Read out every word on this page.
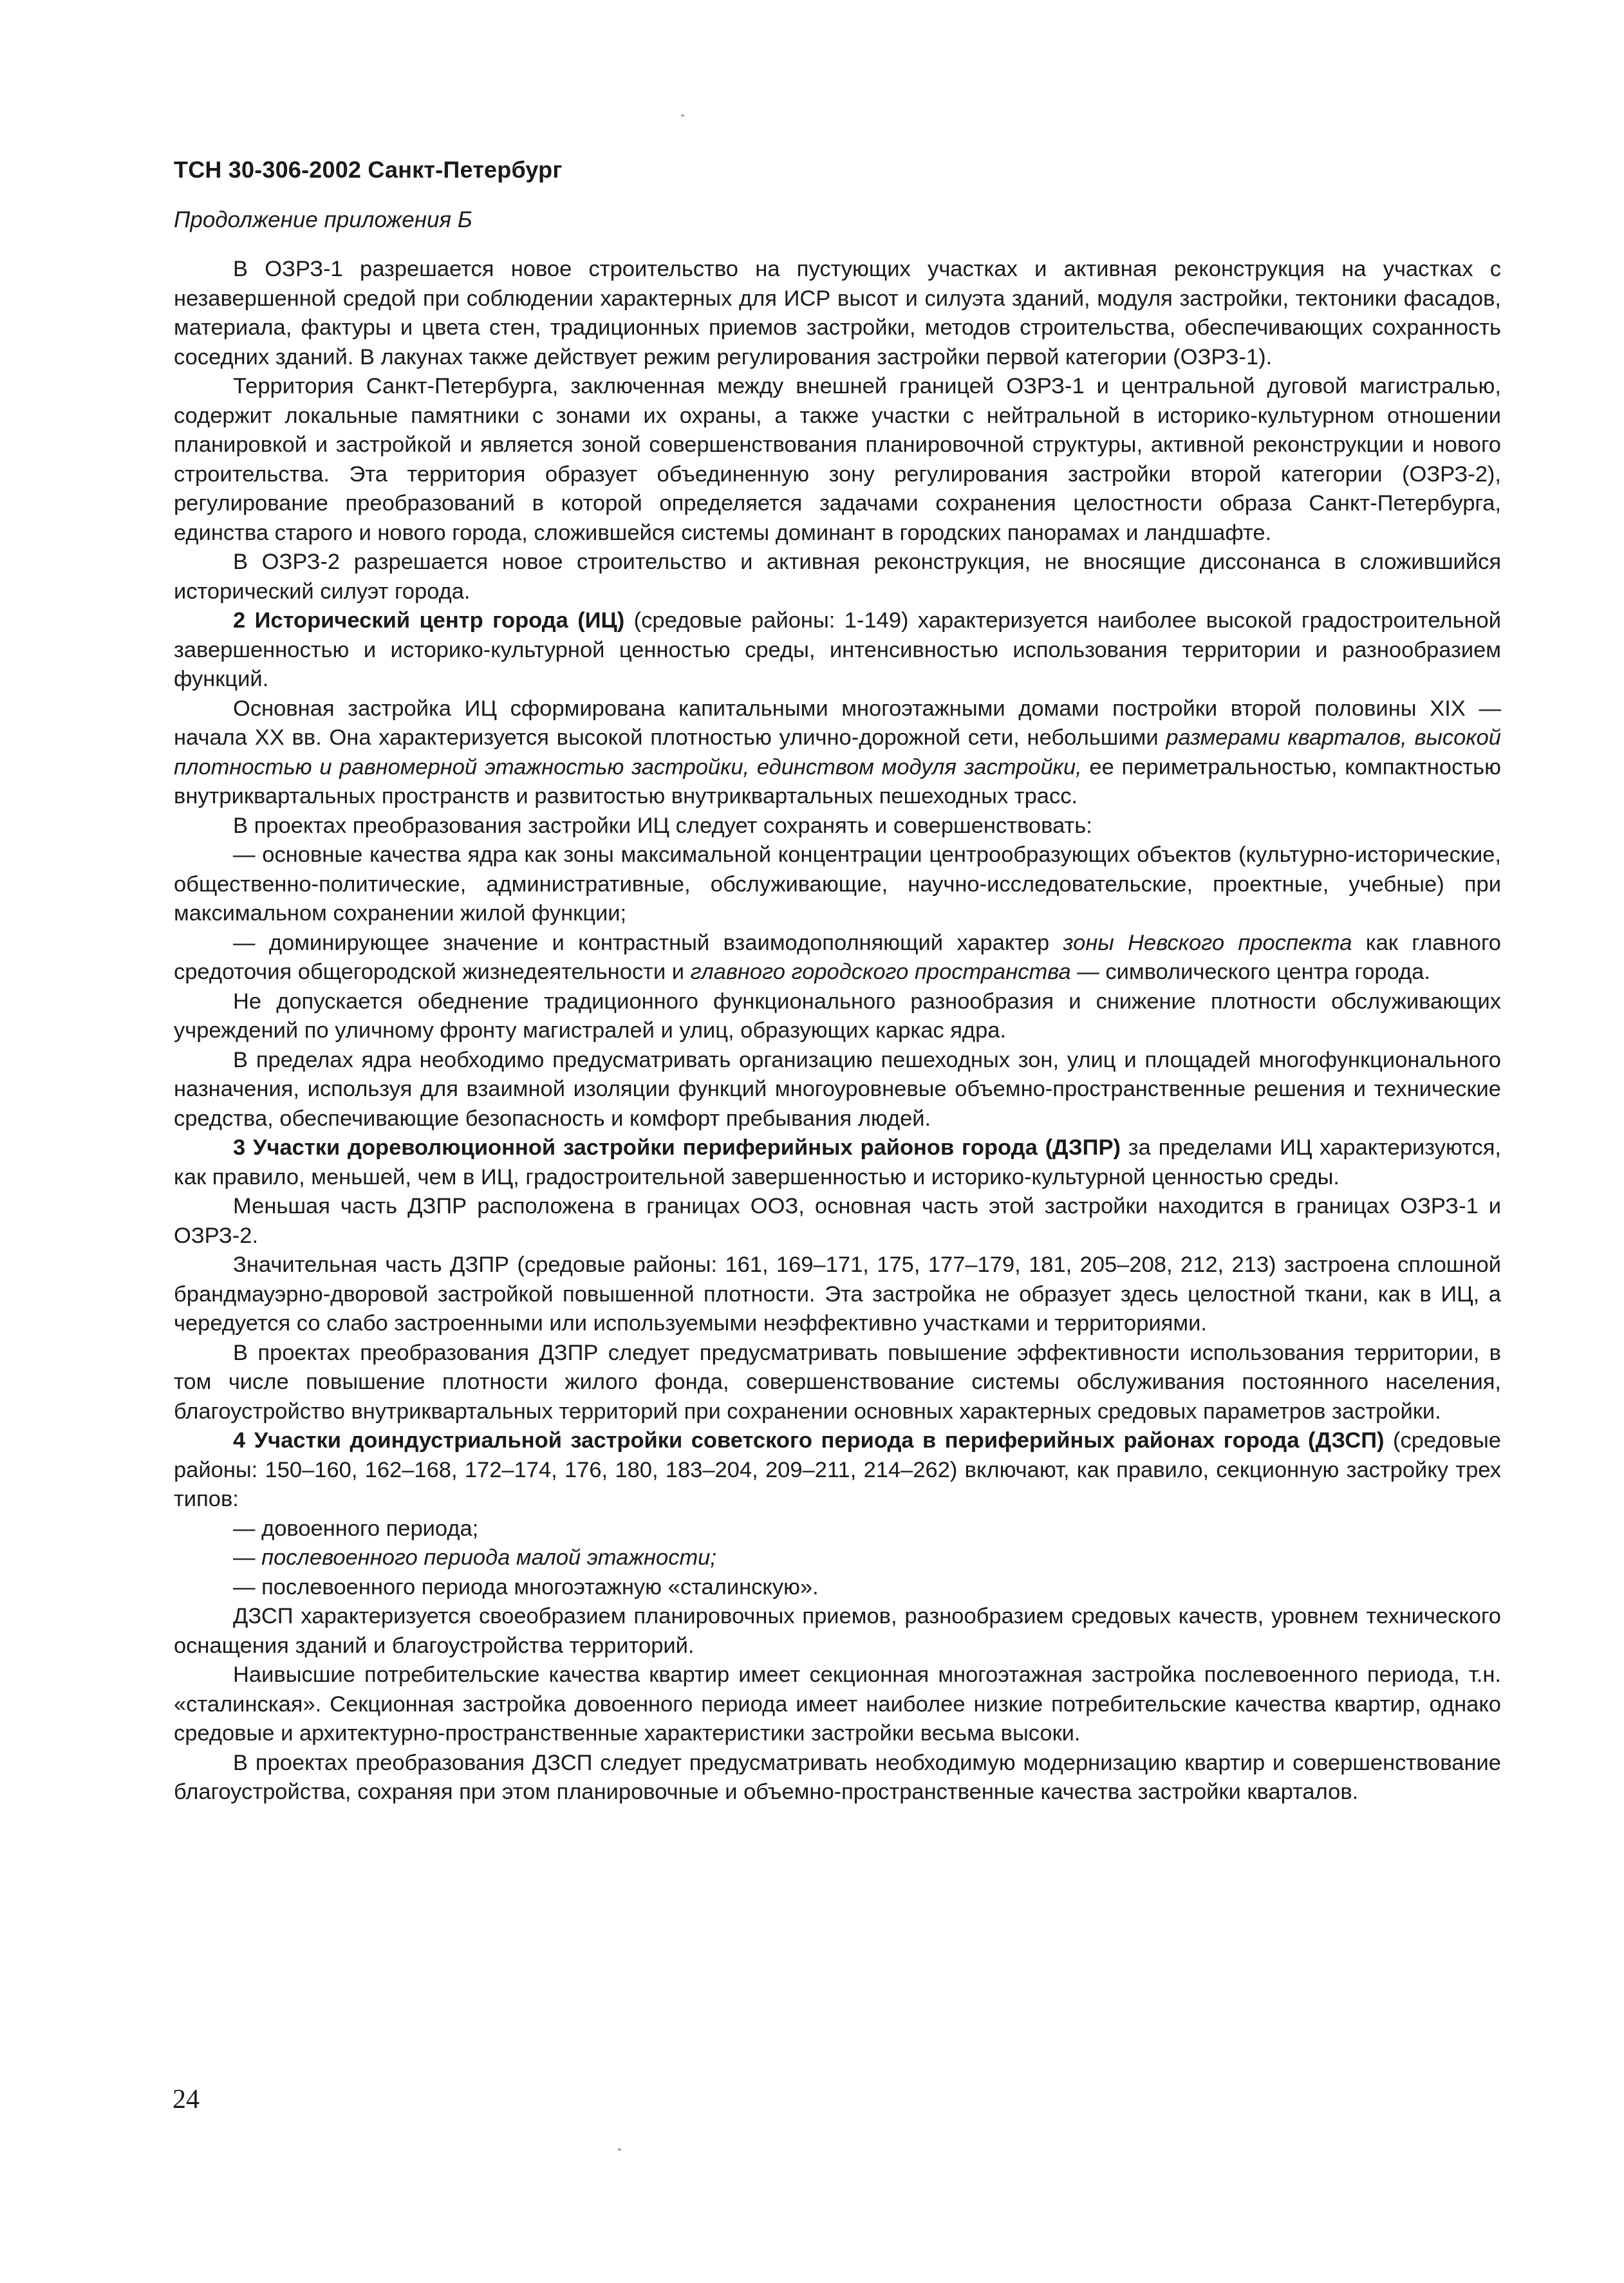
ТСН 30-306-2002 Санкт-Петербург
Продолжение приложения Б

В ОЗРЗ-1 разрешается новое строительство на пустующих участках и активная реконструкция на участках с незавершенной средой при соблюдении характерных для ИСР высот и силуэта зданий, модуля застройки, тектоники фасадов, материала, фактуры и цвета стен, традиционных приемов застройки, методов строительства, обеспечивающих сохранность соседних зданий. В лакунах также действует режим регулирования застройки первой категории (ОЗРЗ-1).

Территория Санкт-Петербурга, заключенная между внешней границей ОЗРЗ-1 и центральной дуговой магистралью, содержит локальные памятники с зонами их охраны, а также участки с нейтральной в историко-культурном отношении планировкой и застройкой и является зоной совершенствования планировочной структуры, активной реконструкции и нового строительства. Эта территория образует объединенную зону регулирования застройки второй категории (ОЗРЗ-2), регулирование преобразований в которой определяется задачами сохранения целостности образа Санкт-Петербурга, единства старого и нового города, сложившейся системы доминант в городских панорамах и ландшафте.

В ОЗРЗ-2 разрешается новое строительство и активная реконструкция, не вносящие диссонанса в сложившийся исторический силуэт города.

2 Исторический центр города (ИЦ) (средовые районы: 1-149) характеризуется наиболее высокой градостроительной завершенностью и историко-культурной ценностью среды, интенсивностью использования территории и разнообразием функций.

Основная застройка ИЦ сформирована капитальными многоэтажными домами постройки второй половины XIX — начала XX вв. Она характеризуется высокой плотностью улично-дорожной сети, небольшими размерами кварталов, высокой плотностью и равномерной этажностью застройки, единством модуля застройки, ее периметральностью, компактностью внутриквартальных пространств и развитостью внутриквартальных пешеходных трасс.

В проектах преобразования застройки ИЦ следует сохранять и совершенствовать:

— основные качества ядра как зоны максимальной концентрации центрообразующих объектов (культурно-исторические, общественно-политические, административные, обслуживающие, научно-исследовательские, проектные, учебные) при максимальном сохранении жилой функции;

— доминирующее значение и контрастный взаимодополняющий характер зоны Невского проспекта как главного средоточия общегородской жизнедеятельности и главного городского пространства — символического центра города.

Не допускается обеднение традиционного функционального разнообразия и снижение плотности обслуживающих учреждений по уличному фронту магистралей и улиц, образующих каркас ядра.

В пределах ядра необходимо предусматривать организацию пешеходных зон, улиц и площадей многофункционального назначения, используя для взаимной изоляции функций многоуровневые объемно-пространственные решения и технические средства, обеспечивающие безопасность и комфорт пребывания людей.

3 Участки дореволюционной застройки периферийных районов города (ДЗПР) за пределами ИЦ характеризуются, как правило, меньшей, чем в ИЦ, градостроительной завершенностью и историко-культурной ценностью среды.

Меньшая часть ДЗПР расположена в границах ООЗ, основная часть этой застройки находится в границах ОЗРЗ-1 и ОЗРЗ-2.

Значительная часть ДЗПР (средовые районы: 161, 169–171, 175, 177–179, 181, 205–208, 212, 213) застроена сплошной брандмауэрно-дворовой застройкой повышенной плотности. Эта застройка не образует здесь целостной ткани, как в ИЦ, а чередуется со слабо застроенными или используемыми неэффективно участками и территориями.

В проектах преобразования ДЗПР следует предусматривать повышение эффективности использования территории, в том числе повышение плотности жилого фонда, совершенствование системы обслуживания постоянного населения, благоустройство внутриквартальных территорий при сохранении основных характерных средовых параметров застройки.

4 Участки доиндустриальной застройки советского периода в периферийных районах города (ДЗСП) (средовые районы: 150–160, 162–168, 172–174, 176, 180, 183–204, 209–211, 214–262) включают, как правило, секционную застройку трех типов:

— довоенного периода;

— послевоенного периода малой этажности;

— послевоенного периода многоэтажную «сталинскую».

ДЗСП характеризуется своеобразием планировочных приемов, разнообразием средовых качеств, уровнем технического оснащения зданий и благоустройства территорий.

Наивысшие потребительские качества квартир имеет секционная многоэтажная застройка послевоенного периода, т.н. «сталинская». Секционная застройка довоенного периода имеет наиболее низкие потребительские качества квартир, однако средовые и архитектурно-пространственные характеристики застройки весьма высоки.

В проектах преобразования ДЗСП следует предусматривать необходимую модернизацию квартир и совершенствование благоустройства, сохраняя при этом планировочные и объемно-пространственные качества застройки кварталов.

24
